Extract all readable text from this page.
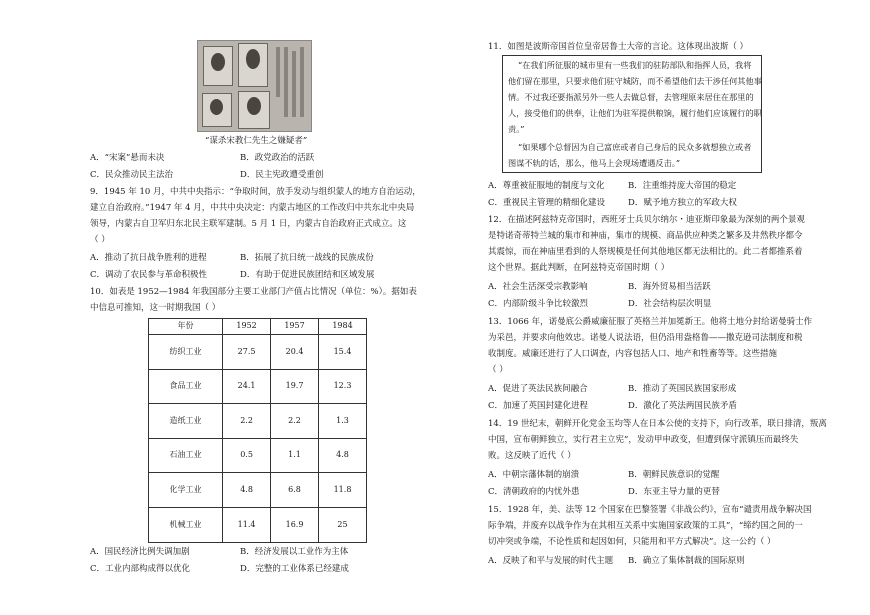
“谋杀宋教仁先生之嫌疑者”
A．“宋案”悬而未决	B．政党政治的活跃
C．民众推动民主法治	D．民主宪政遭受重创
9．1945 年 10 月，中共中央指示：“争取时间，放手发动与组织蒙人的地方自治运动，
建立自治政府。”1947 年 4 月，中共中央决定：内蒙古地区的工作改归中共东北中央局
领导，内蒙古自卫军归东北民主联军建制。5 月 1 日，内蒙古自治政府正式成立。这
（ ）
A．推动了抗日战争胜利的进程	B．拓展了抗日统一战线的民族成份
C．调动了农民参与革命积极性	D．有助于促进民族团结和区域发展
10．如表是 1952—1984 年我国部分主要工业部门产值占比情况（单位：%）。据如表
中信息可推知，这一时期我国（ ）
年份	1952	1957	1984
纺织工业	27.5	20.4	15.4
食品工业	24.1	19.7	12.3
造纸工业	2.2	2.2	1.3
石油工业	0.5	1.1	4.8
化学工业	4.8	6.8	11.8
机械工业	11.4	16.9	25
A．国民经济比例失调加剧	B．经济发展以工业作为主体
C．工业内部构成得以优化	D．完整的工业体系已经建成
11．如图是波斯帝国首位皇帝居鲁士大帝的言论。这体现出波斯（ ）
“在我们所征服的城市里有一些我们的驻防部队和指挥人员，我将
他们留在那里，只要求他们驻守城防，而不希望他们去干涉任何其他事
情。不过我还要指派另外一些人去做总督，去管理原来居住在那里的
人，接受他们的供奉，让他们为驻军提供粮饷，履行他们应该履行的职
责。”
“如果哪个总督因为自己富庶或者自己身后的民众多就想独立或者
图谋不轨的话，那么，他马上会现场遭遇反击。”
A．尊重被征服地的制度与文化	B．注重维持庞大帝国的稳定
C．重视民主管理的精细化建设	D．赋予地方独立的军政大权
12．在描述阿兹特克帝国时，西班牙士兵贝尔纳尔・迪亚斯印象最为深刻的两个景观
是特诺奇蒂特兰城的集市和神庙，集市的规模、商品供应种类之繁多及井然秩序都令
其震惊，而在神庙里看到的人祭规模是任何其他地区都无法相比的。此二者都推系着
这个世界。据此判断，在阿兹特克帝国时期（ ）
A．社会生活深受宗教影响	B．海外贸易相当活跃
C．内部阶级斗争比较激烈	D．社会结构层次明显
13．1066 年，诺曼底公爵威廉征服了英格兰并加冕新王。他将土地分封给诺曼骑士作
为采邑，并要求向他效忠。诺曼人说法语，但仍沿用盎格鲁——撒克逊司法制度和税
收制度。威廉还进行了人口调查，内容包括人口、地产和牲畜等等。这些措施
（ ）
A．促进了英法民族间融合	B．推动了英国民族国家形成
C．加速了英国封建化进程	D．激化了英法两国民族矛盾
14．19 世纪末，朝鲜开化党金玉均等人在日本公使的支持下，向行改革，联日排清，叛离
中国，宣布朝鲜独立，实行君主立宪”，发动甲申政变，但遭到保守派镇压而最终失
败。这反映了近代（ ）
A．中朝宗藩体制的崩溃	B．朝鲜民族意识的觉醒
C．清朝政府的内忧外患	D．东亚主导力量的更替
15．1928 年，美、法等 12 个国家在巴黎签署《非战公约》，宣布“谴责用战争解决国
际争端，并废弃以战争作为在其相互关系中实施国家政策的工具”，“缔约国之间的一
切冲突或争端，不论性质和起因如何，只能用和平方式解决”。这一公约（ ）
A．反映了和平与发展的时代主题 B．确立了集体制裁的国际原则
